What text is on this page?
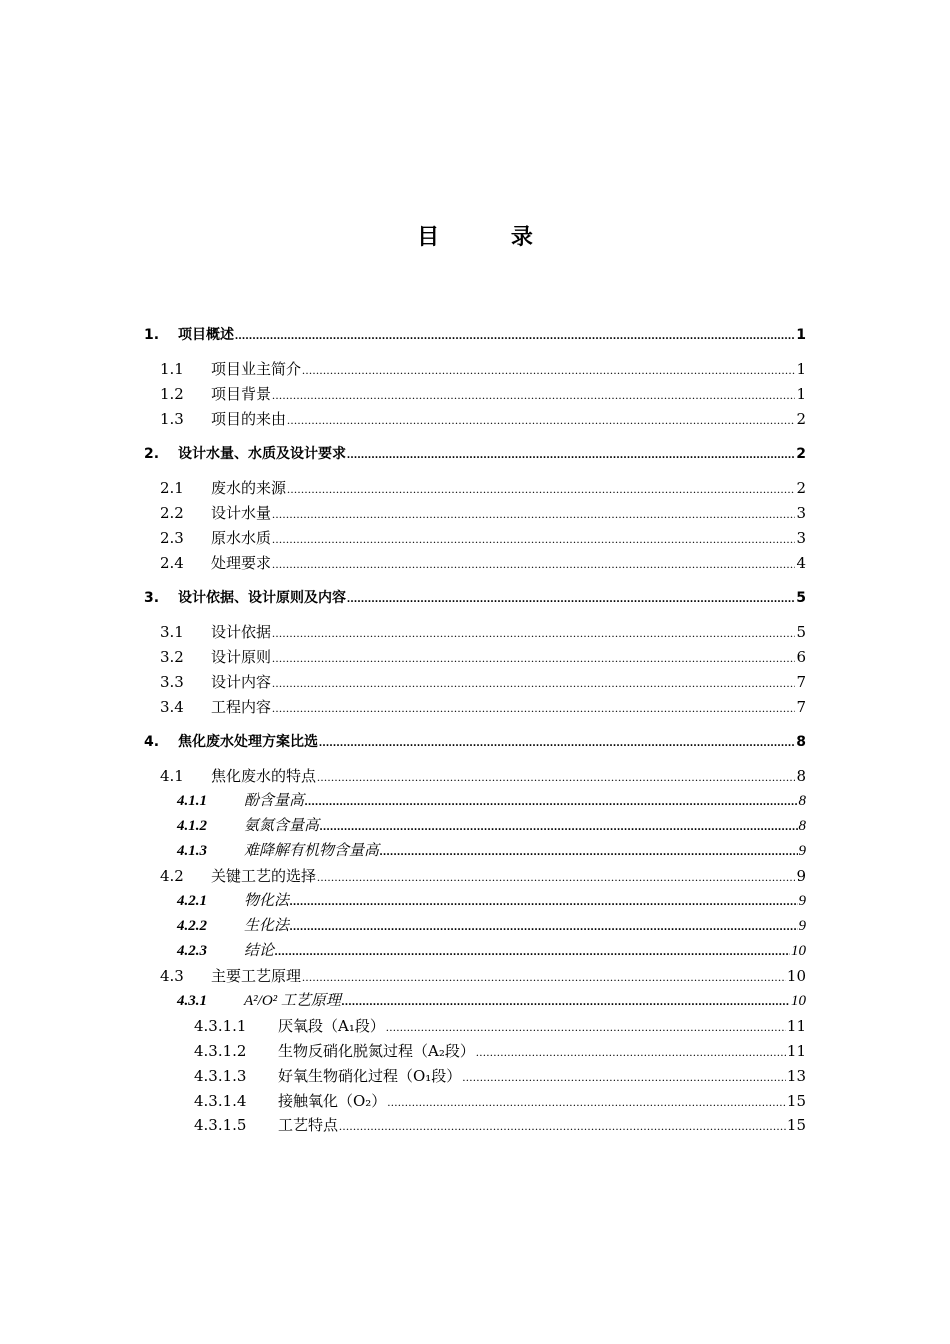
目 录
1.	项目概述 .....	1
1.1	项目业主简介 .....	1
1.2	项目背景 .....	1
1.3	项目的来由 .....	2
2.	设计水量、水质及设计要求 .....	2
2.1	废水的来源 .....	2
2.2	设计水量 .....	3
2.3	原水水质 .....	3
2.4	处理要求 .....	4
3.	设计依据、设计原则及内容 .....	5
3.1	设计依据 .....	5
3.2	设计原则 .....	6
3.3	设计内容 .....	7
3.4	工程内容 .....	7
4.	焦化废水处理方案比选 .....	8
4.1	焦化废水的特点 .....	8
4.1.1	酚含量高 .....	8
4.1.2	氨氮含量高 .....	8
4.1.3	难降解有机物含量高 .....	9
4.2	关键工艺的选择 .....	9
4.2.1	物化法 .....	9
4.2.2	生化法 .....	9
4.2.3	结论 .....	10
4.3	主要工艺原理 .....	10
4.3.1	A²/O² 工艺原理 .....	10
4.3.1.1	厌氧段（A₁段） .....	11
4.3.1.2	生物反硝化脱氮过程（A₂段） .....	11
4.3.1.3	好氧生物硝化过程（O₁段） .....	13
4.3.1.4	接触氧化（O₂） .....	15
4.3.1.5	工艺特点 .....	15
